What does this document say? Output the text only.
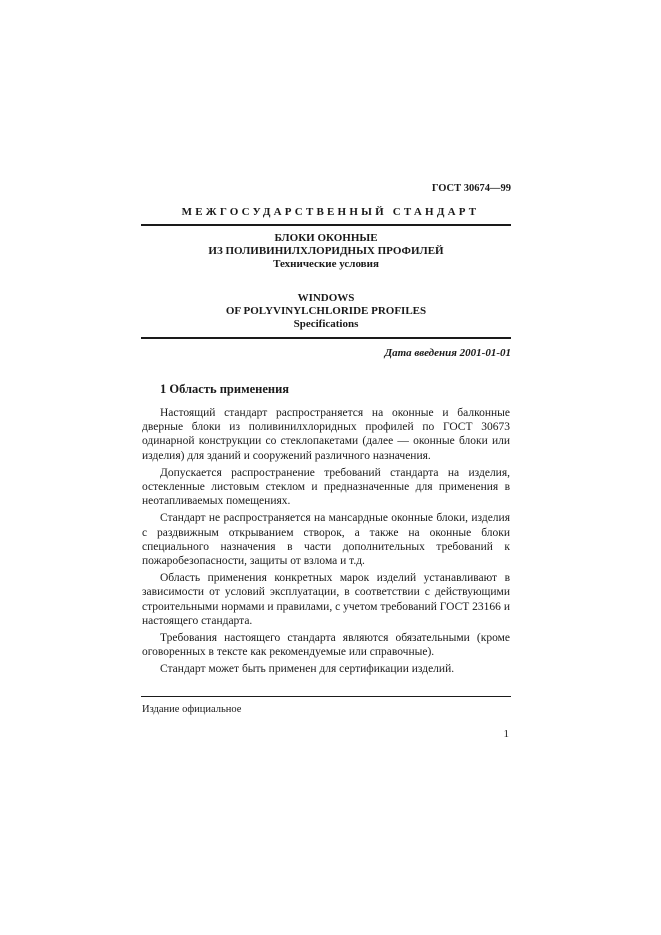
ГОСТ 30674—99
МЕЖГОСУДАРСТВЕННЫЙ СТАНДАРТ
БЛОКИ ОКОННЫЕ
ИЗ ПОЛИВИНИЛХЛОРИДНЫХ ПРОФИЛЕЙ
Технические условия
WINDOWS
OF POLYVINYLCHLORIDE PROFILES
Specifications
Дата введения 2001-01-01
1 Область применения

Настоящий стандарт распространяется на оконные и балконные дверные блоки из поливинилхлоридных профилей по ГОСТ 30673 одинарной конструкции со стеклопакетами (далее — оконные блоки или изделия) для зданий и сооружений различного назначения.

Допускается распространение требований стандарта на изделия, остекленные листовым стеклом и предназначенные для применения в неотапливаемых помещениях.

Стандарт не распространяется на мансардные оконные блоки, изделия с раздвижным открыванием створок, а также на оконные блоки специального назначения в части дополнительных требований к пожаробезопасности, защиты от взлома и т.д.

Область применения конкретных марок изделий устанавливают в зависимости от условий эксплуатации, в соответствии с действующими строительными нормами и правилами, с учетом требований ГОСТ 23166 и настоящего стандарта.

Требования настоящего стандарта являются обязательными (кроме оговоренных в тексте как рекомендуемые или справочные).

Стандарт может быть применен для сертификации изделий.

Издание официальное
1
